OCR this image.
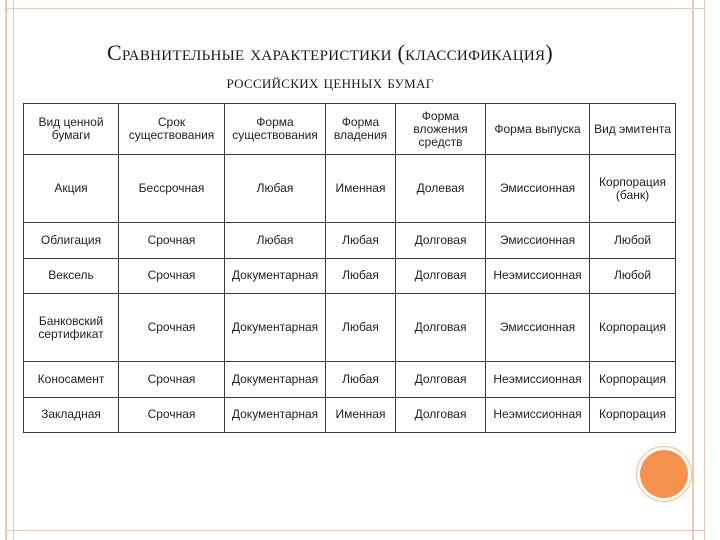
Сравнительные характеристики (классификация)
российских ценных бумаг
Вид ценной бумаги	Срок существования	Форма существования	Форма владения	Форма вложения средств	Форма выпуска	Вид эмитента
Акция	Бессрочная	Любая	Именная	Долевая	Эмиссионная	Корпорация (банк)
Облигация	Срочная	Любая	Любая	Долговая	Эмиссионная	Любой
Вексель	Срочная	Документарная	Любая	Долговая	Неэмиссионная	Любой
Банковский сертификат	Срочная	Документарная	Любая	Долговая	Эмиссионная	Корпорация
Коносамент	Срочная	Документарная	Любая	Долговая	Неэмиссионная	Корпорация
Закладная	Срочная	Документарная	Именная	Долговая	Неэмиссионная	Корпорация
